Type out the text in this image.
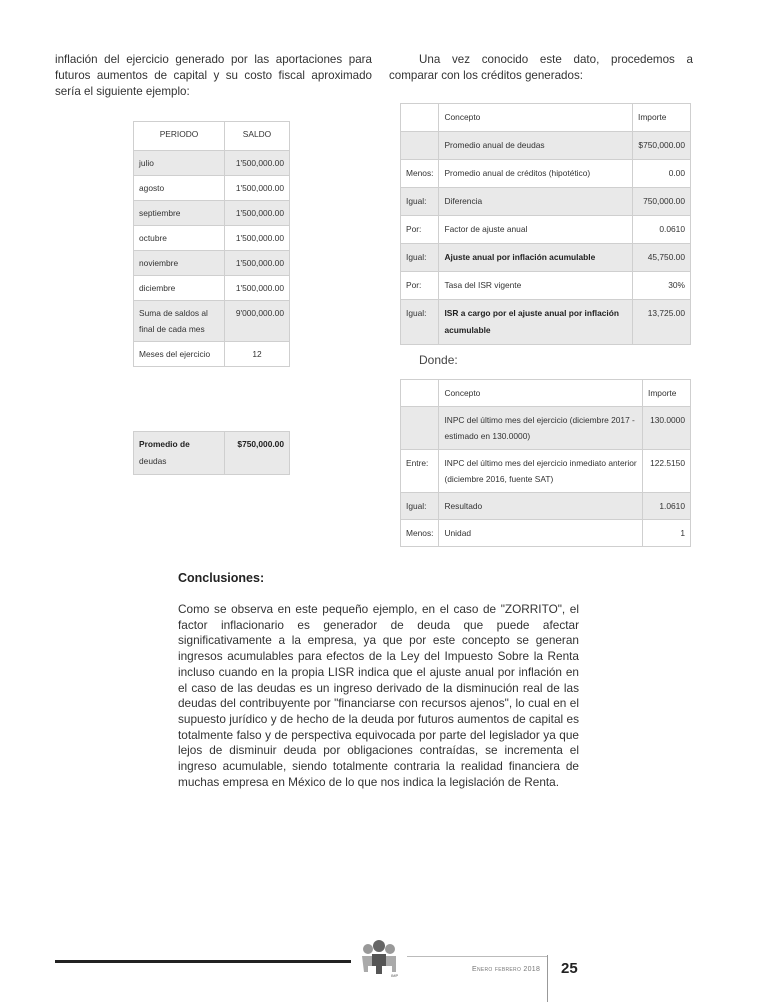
inflación del ejercicio generado por las aportaciones para futuros aumentos de capital y su costo fiscal aproximado sería el siguiente ejemplo:
Una vez conocido este dato, procedemos a comparar con los créditos generados:
PERIODO	SALDO
julio	1'500,000.00
agosto	1'500,000.00
septiembre	1'500,000.00
octubre	1'500,000.00
noviembre	1'500,000.00
diciembre	1'500,000.00
Suma de saldos al final de cada mes	9'000,000.00
Meses del ejercicio	12
Promedio de
deudas	$750,000.00
	Concepto	Importe
	Promedio anual de deudas	$750,000.00
Menos:	Promedio anual de créditos (hipotético)	0.00
Igual:	Diferencia	750,000.00
Por:	Factor de ajuste anual	0.0610
Igual:	Ajuste anual por inflación acumulable	45,750.00
Por:	Tasa del ISR vigente	30%
Igual:	ISR a cargo por el ajuste anual por inflación acumulable	13,725.00
Donde:
	Concepto	Importe
	INPC del último mes del ejercicio (diciembre 2017 -estimado en 130.0000)	130.0000
Entre:	INPC del último mes del ejercicio inmediato anterior (diciembre 2016, fuente SAT)	122.5150
Igual:	Resultado	1.0610
Menos:	Unidad	1
Conclusiones:
Como se observa en este pequeño ejemplo, en el caso de "ZORRITO", el factor inflacionario es generador de deuda que puede afectar significativamente a la empresa, ya que por este concepto se generan ingresos acumulables para efectos de la Ley del Impuesto Sobre la Renta incluso cuando en la propia LISR indica que el ajuste anual por inflación en el caso de las deudas es un ingreso derivado de la disminución real de las deudas del contribuyente por "financiarse con recursos ajenos", lo cual en el supuesto jurídico y de hecho de la deuda por futuros aumentos de capital es totalmente falso y de perspectiva equivocada por parte del legislador ya que lejos de disminuir deuda por obligaciones contraídas, se incrementa el ingreso acumulable, siendo totalmente contraria la realidad financiera de muchas empresa en México de lo que nos indica la legislación de Renta.
IMP
Enero febrero 2018 25
